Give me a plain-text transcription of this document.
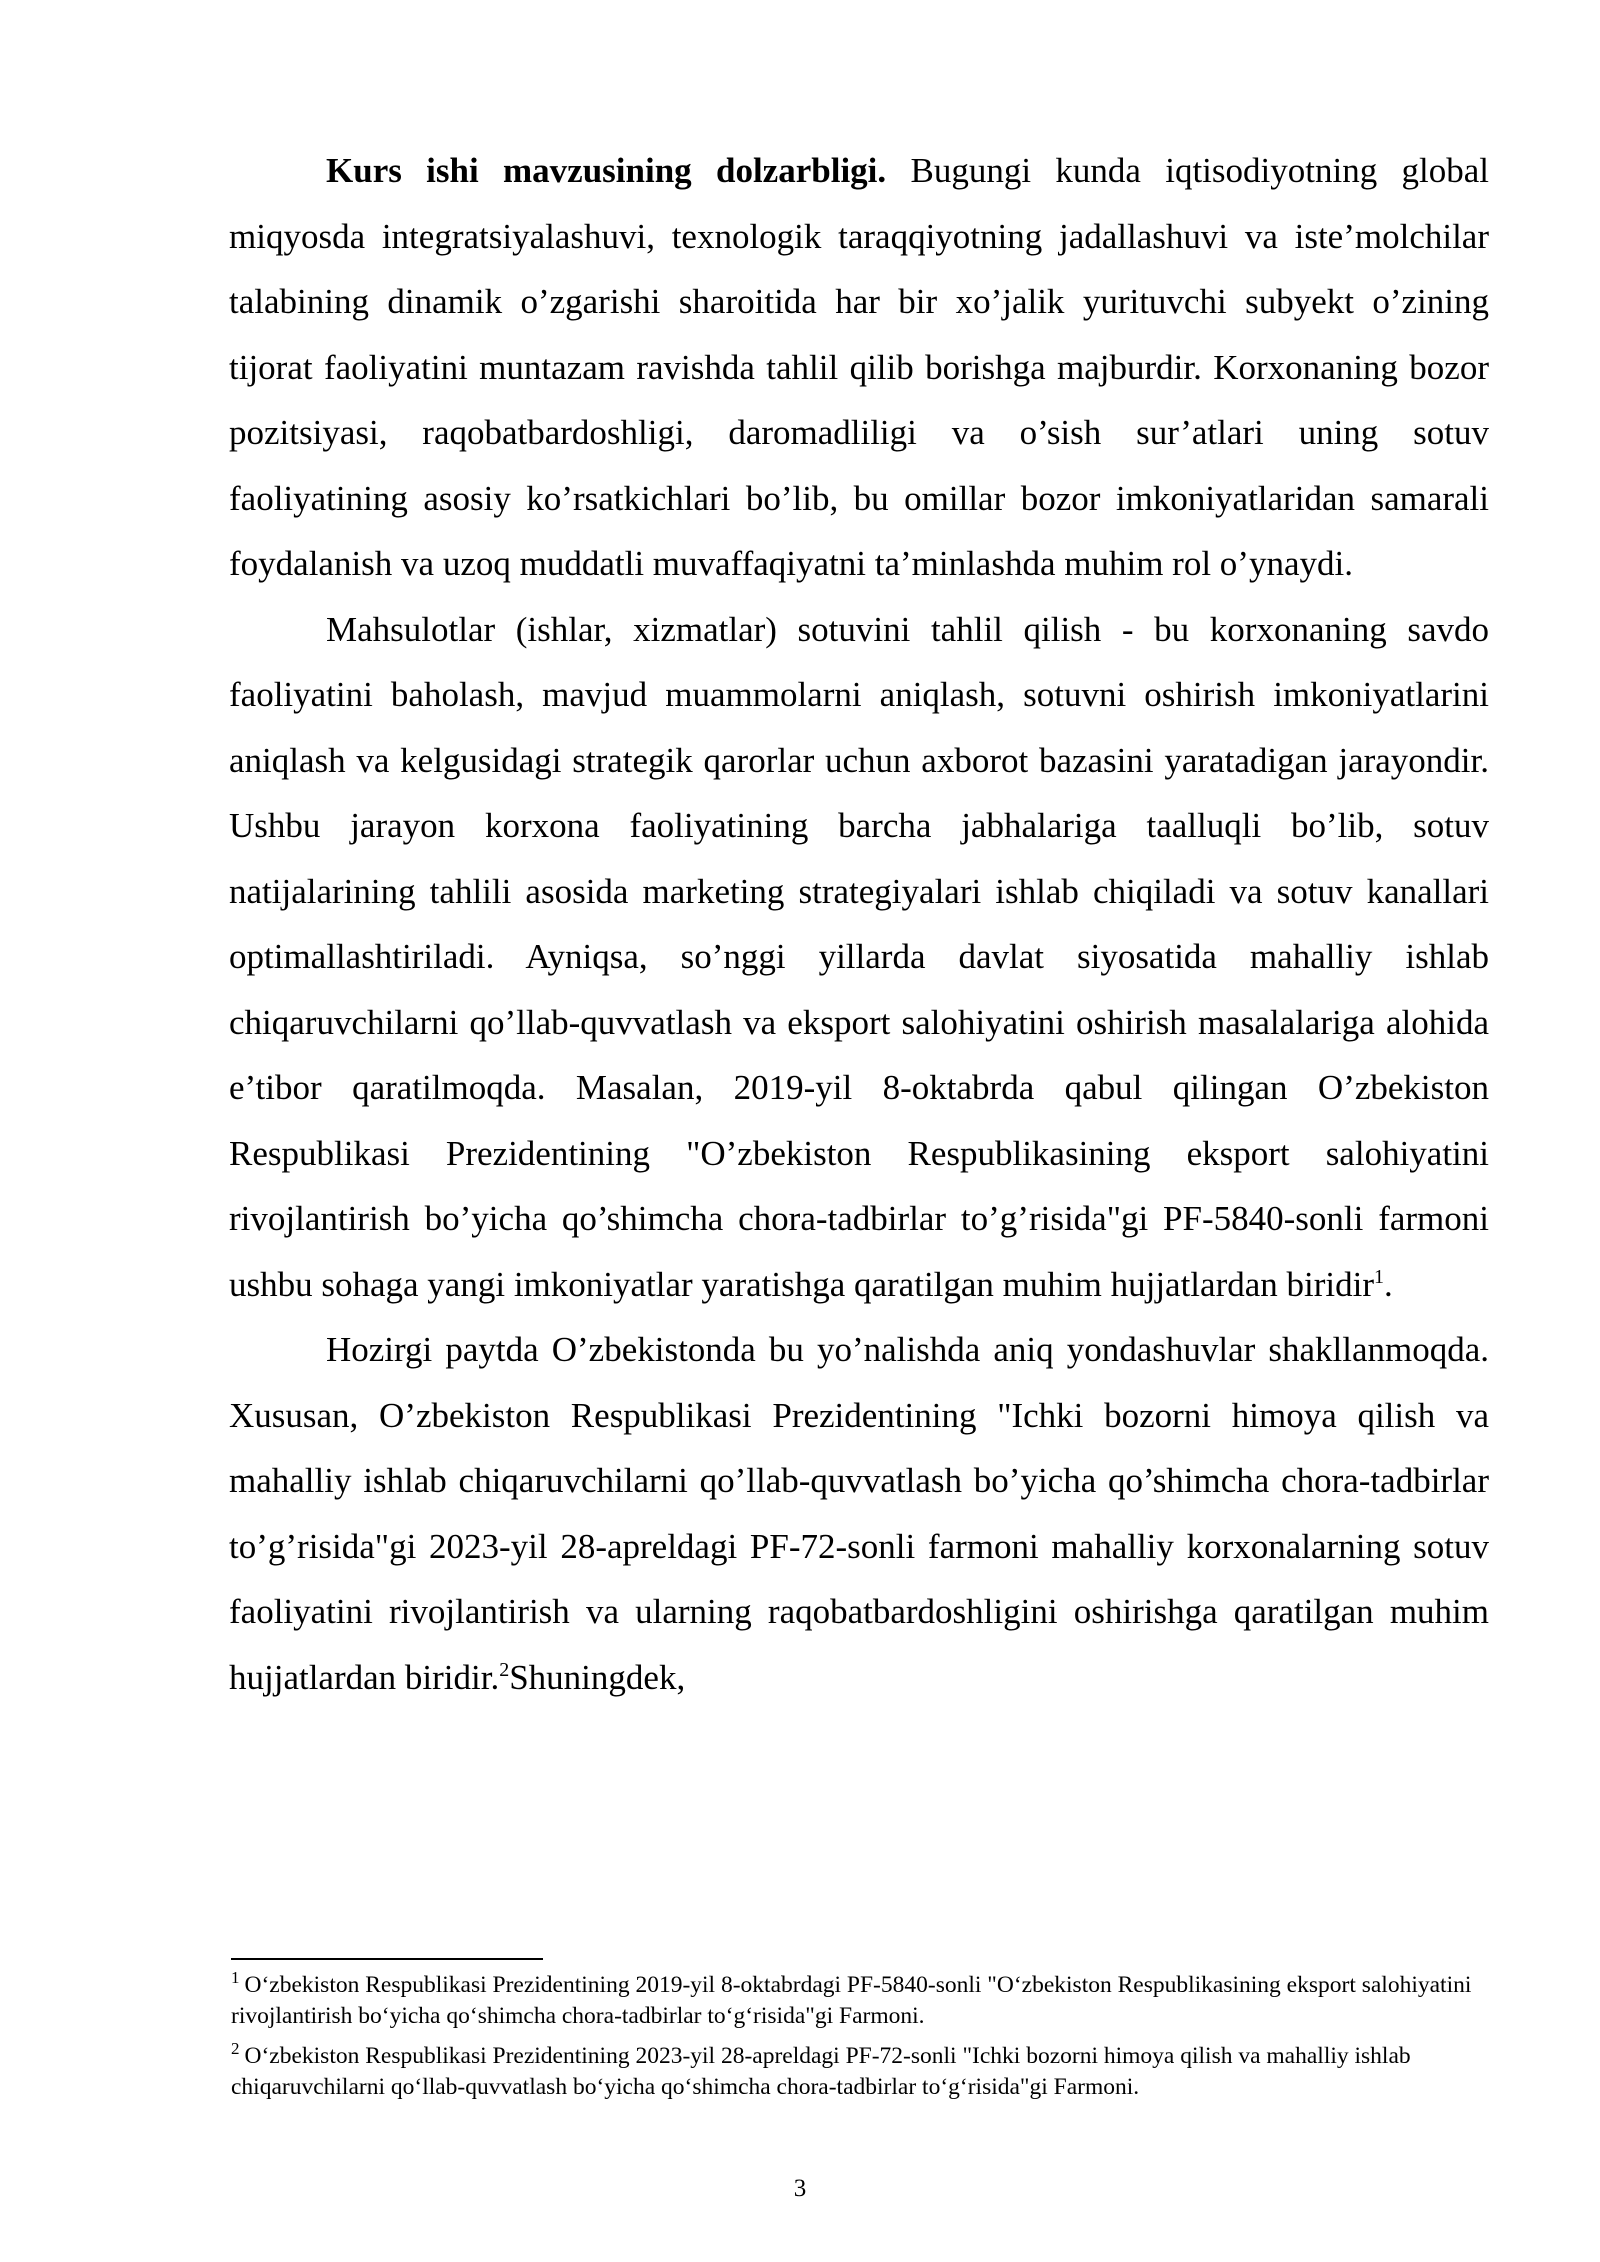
Kurs ishi mavzusining dolzarbligi. Bugungi kunda iqtisodiyotning global miqyosda integratsiyalashuvi, texnologik taraqqiyotning jadallashuvi va iste’molchilar talabining dinamik o’zgarishi sharoitida har bir xo’jalik yurituvchi subyekt o’zining tijorat faoliyatini muntazam ravishda tahlil qilib borishga majburdir. Korxonaning bozor pozitsiyasi, raqobatbardoshligi, daromadliligi va o’sish sur’atlari uning sotuv faoliyatining asosiy ko’rsatkichlari bo’lib, bu omillar bozor imkoniyatlaridan samarali foydalanish va uzoq muddatli muvaffaqiyatni ta’minlashda muhim rol o’ynaydi.

Mahsulotlar (ishlar, xizmatlar) sotuvini tahlil qilish - bu korxonaning savdo faoliyatini baholash, mavjud muammolarni aniqlash, sotuvni oshirish imkoniyatlarini aniqlash va kelgusidagi strategik qarorlar uchun axborot bazasini yaratadigan jarayondir. Ushbu jarayon korxona faoliyatining barcha jabhalariga taalluqli bo’lib, sotuv natijalarining tahlili asosida marketing strategiyalari ishlab chiqiladi va sotuv kanallari optimallashtiriladi. Ayniqsa, so’nggi yillarda davlat siyosatida mahalliy ishlab chiqaruvchilarni qo’llab-quvvatlash va eksport salohiyatini oshirish masalalariga alohida e’tibor qaratilmoqda. Masalan, 2019-yil 8-oktabrda qabul qilingan O’zbekiston Respublikasi Prezidentining "O’zbekiston Respublikasining eksport salohiyatini rivojlantirish bo’yicha qo’shimcha chora-tadbirlar to’g’risida"gi PF-5840-sonli farmoni ushbu sohaga yangi imkoniyatlar yaratishga qaratilgan muhim hujjatlardan biridir$^1$.

Hozirgi paytda O’zbekistonda bu yo’nalishda aniq yondashuvlar shakllanmoqda. Xususan, O’zbekiston Respublikasi Prezidentining "Ichki bozorni himoya qilish va mahalliy ishlab chiqaruvchilarni qo’llab-quvvatlash bo’yicha qo’shimcha chora-tadbirlar to’g’risida"gi 2023-yil 28-apreldagi PF-72-sonli farmoni mahalliy korxonalarning sotuv faoliyatini rivojlantirish va ularning raqobatbardoshligini oshirishga qaratilgan muhim hujjatlardan biridir.$^2$Shuningdek,

$^1$ O‘zbekiston Respublikasi Prezidentining 2019-yil 8-oktabrdagi PF-5840-sonli "O‘zbekiston Respublikasining eksport salohiyatini rivojlantirish bo‘yicha qo‘shimcha chora-tadbirlar to‘g‘risida"gi Farmoni.

$^2$ O‘zbekiston Respublikasi Prezidentining 2023-yil 28-apreldagi PF-72-sonli "Ichki bozorni himoya qilish va mahalliy ishlab chiqaruvchilarni qo‘llab-quvvatlash bo‘yicha qo‘shimcha chora-tadbirlar to‘g‘risida"gi Farmoni.

3
